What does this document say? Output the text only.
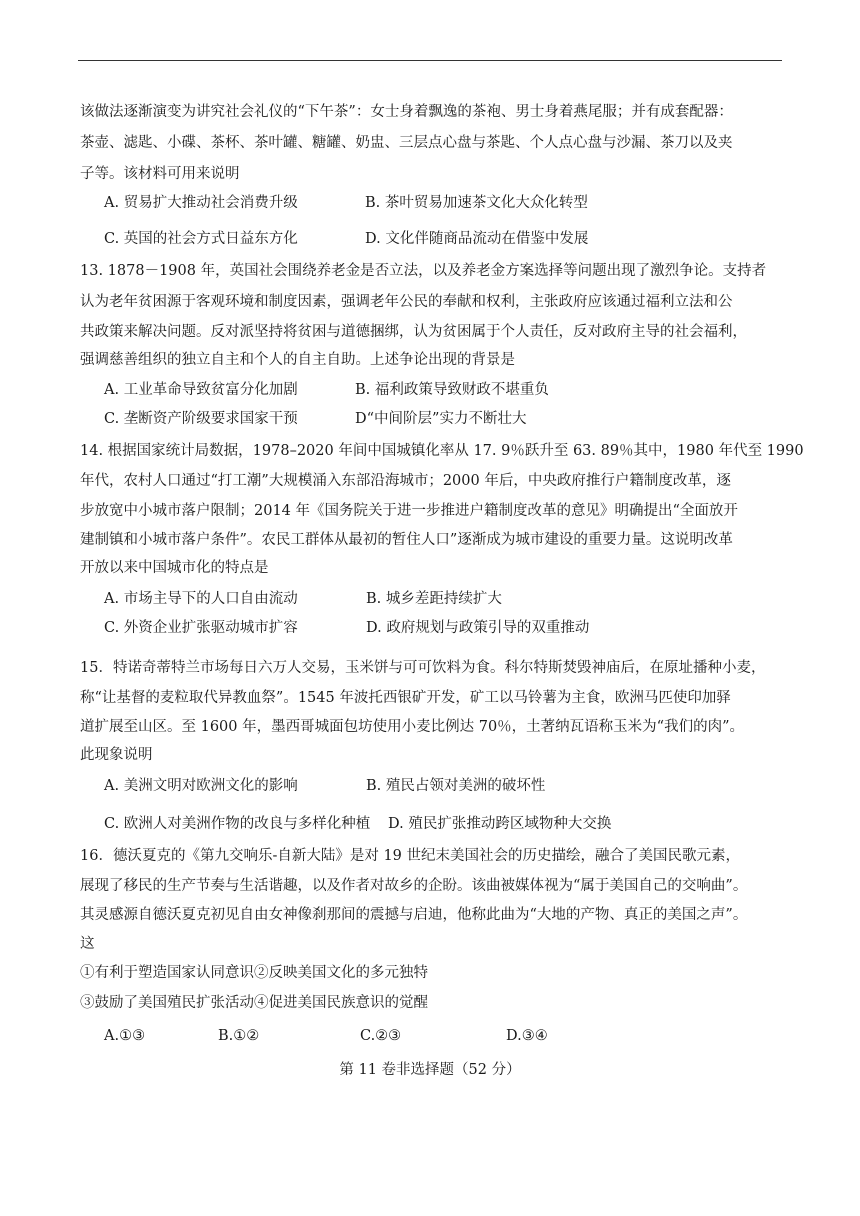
该做法逐渐演变为讲究社会礼仪的“下午茶”：女士身着飘逸的茶袍、男士身着燕尾服；并有成套配器：
茶壶、滤匙、小碟、茶杯、茶叶罐、糖罐、奶盅、三层点心盘与茶匙、个人点心盘与沙漏、茶刀以及夹
子等。该材料可用来说明
A. 贸易扩大推动社会消费升级	B. 茶叶贸易加速茶文化大众化转型
C. 英国的社会方式日益东方化	D. 文化伴随商品流动在借鉴中发展
13. 1878－1908 年，英国社会围绕养老金是否立法，以及养老金方案选择等问题出现了激烈争论。支持者
认为老年贫困源于客观环境和制度因素，强调老年公民的奉献和权利，主张政府应该通过福利立法和公
共政策来解决问题。反对派坚持将贫困与道德捆绑，认为贫困属于个人责任，反对政府主导的社会福利，
强调慈善组织的独立自主和个人的自主自助。上述争论出现的背景是
A. 工业革命导致贫富分化加剧	B. 福利政策导致财政不堪重负
C. 垄断资产阶级要求国家干预	D“中间阶层”实力不断壮大
14. 根据国家统计局数据，1978–2020 年间中国城镇化率从 17. 9％跃升至 63. 89％其中，1980 年代至 1990
年代，农村人口通过“打工潮”大规模涌入东部沿海城市；2000 年后，中央政府推行户籍制度改革，逐
步放宽中小城市落户限制；2014 年《国务院关于进一步推进户籍制度改革的意见》明确提出“全面放开
建制镇和小城市落户条件”。农民工群体从最初的暂住人口”逐渐成为城市建设的重要力量。这说明改革
开放以来中国城市化的特点是
A. 市场主导下的人口自由流动	B. 城乡差距持续扩大
C. 外资企业扩张驱动城市扩容	D. 政府规划与政策引导的双重推动
15．特诺奇蒂特兰市场每日六万人交易，玉米饼与可可饮料为食。科尔特斯焚毁神庙后，在原址播种小麦，
称“让基督的麦粒取代异教血祭”。1545 年波托西银矿开发，矿工以马铃薯为主食，欧洲马匹使印加驿
道扩展至山区。至 1600 年，墨西哥城面包坊使用小麦比例达 70％，土著纳瓦语称玉米为“我们的肉”。
此现象说明
A. 美洲文明对欧洲文化的影响	B. 殖民占领对美洲的破坏性
C. 欧洲人对美洲作物的改良与多样化种植 D. 殖民扩张推动跨区域物种大交换
16．德沃夏克的《第九交响乐-自新大陆》是对 19 世纪末美国社会的历史描绘，融合了美国民歌元素，
展现了移民的生产节奏与生活谐趣，以及作者对故乡的企盼。该曲被媒体视为“属于美国自己的交响曲”。
其灵感源自德沃夏克初见自由女神像刹那间的震撼与启迪，他称此曲为“大地的产物、真正的美国之声”。
这
①有利于塑造国家认同意识②反映美国文化的多元独特
③鼓励了美国殖民扩张活动④促进美国民族意识的觉醒
A.①③	B.①②	C.②③	D.③④
第 11 卷非选择题（52 分）
